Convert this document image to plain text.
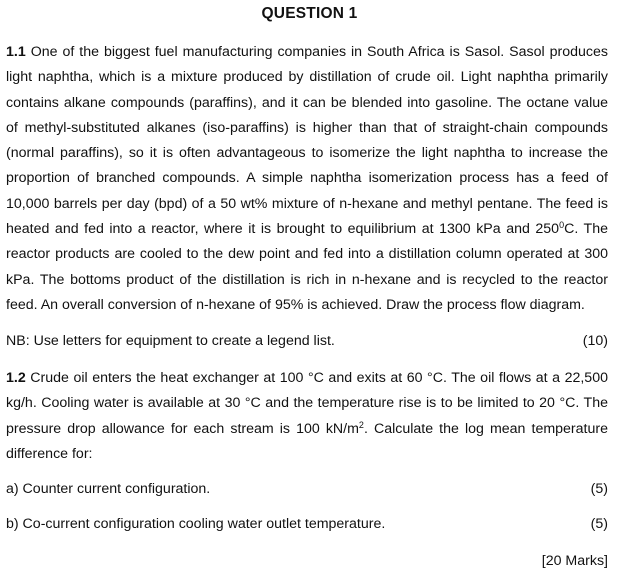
QUESTION 1
1.1 One of the biggest fuel manufacturing companies in South Africa is Sasol. Sasol produces light naphtha, which is a mixture produced by distillation of crude oil. Light naphtha primarily contains alkane compounds (paraffins), and it can be blended into gasoline. The octane value of methyl-substituted alkanes (iso-paraffins) is higher than that of straight-chain compounds (normal paraffins), so it is often advantageous to isomerize the light naphtha to increase the proportion of branched compounds. A simple naphtha isomerization process has a feed of 10,000 barrels per day (bpd) of a 50 wt% mixture of n-hexane and methyl pentane. The feed is heated and fed into a reactor, where it is brought to equilibrium at 1300 kPa and $250^0C$. The reactor products are cooled to the dew point and fed into a distillation column operated at 300 kPa. The bottoms product of the distillation is rich in n-hexane and is recycled to the reactor feed. An overall conversion of n-hexane of 95% is achieved. Draw the process flow diagram.
NB: Use letters for equipment to create a legend list.	(10)
1.2 Crude oil enters the heat exchanger at 100 °C and exits at 60 °C. The oil flows at a 22,500 kg/h. Cooling water is available at 30 °C and the temperature rise is to be limited to 20 °C. The pressure drop allowance for each stream is 100 $kN/m^2$. Calculate the log mean temperature difference for:
a) Counter current configuration.	(5)
b) Co-current configuration cooling water outlet temperature.	(5)
[20 Marks]
